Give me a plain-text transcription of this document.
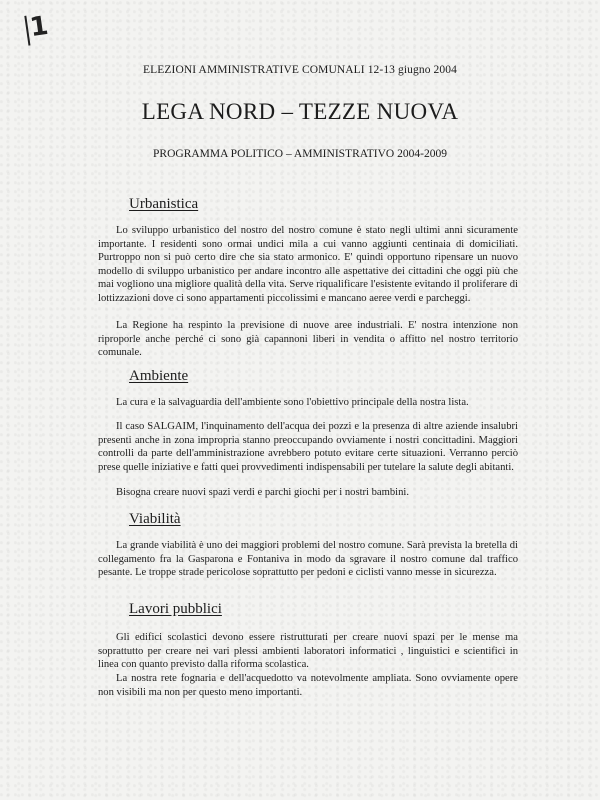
1
ELEZIONI AMMINISTRATIVE COMUNALI 12-13 giugno 2004
LEGA NORD – TEZZE NUOVA
PROGRAMMA POLITICO – AMMINISTRATIVO 2004-2009
Urbanistica

Lo sviluppo urbanistico del nostro del nostro comune è stato negli ultimi anni sicuramente importante. I residenti sono ormai undici mila a cui vanno aggiunti centinaia di domiciliati. Purtroppo non si può certo dire che sia stato armonico. E' quindi opportuno ripensare un nuovo modello di sviluppo urbanistico per andare incontro alle aspettative dei cittadini che oggi più che mai vogliono una migliore qualità della vita. Serve riqualificare l'esistente evitando il proliferare di lottizzazioni dove ci sono appartamenti piccolissimi e mancano aeree verdi e parcheggi.

La Regione ha respinto la previsione di nuove aree industriali. E' nostra intenzione non riproporle anche perché ci sono già capannoni liberi in vendita o affitto nel nostro territorio comunale.

Ambiente

La cura e la salvaguardia dell'ambiente sono l'obiettivo principale della nostra lista.

Il caso SALGAIM, l'inquinamento dell'acqua dei pozzi e la presenza di altre aziende insalubri presenti anche in zona impropria stanno preoccupando ovviamente i nostri concittadini. Maggiori controlli da parte dell'amministrazione avrebbero potuto evitare certe situazioni. Verranno perciò prese quelle iniziative e fatti quei provvedimenti indispensabili per tutelare la salute degli abitanti.

Bisogna creare nuovi spazi verdi e parchi giochi per i nostri bambini.

Viabilità

La grande viabilità è uno dei maggiori problemi del nostro comune. Sarà prevista la bretella di collegamento fra la Gasparona e Fontaniva in modo da sgravare il nostro comune dal traffico pesante. Le troppe strade pericolose soprattutto per pedoni e ciclisti vanno messe in sicurezza.

Lavori pubblici

Gli edifici scolastici devono essere ristrutturati per creare nuovi spazi per le mense ma soprattutto per creare nei vari plessi ambienti laboratori informatici , linguistici e scientifici in linea con quanto previsto dalla riforma scolastica.

La nostra rete fognaria e dell'acquedotto va notevolmente ampliata. Sono ovviamente opere non visibili ma non per questo meno importanti.
